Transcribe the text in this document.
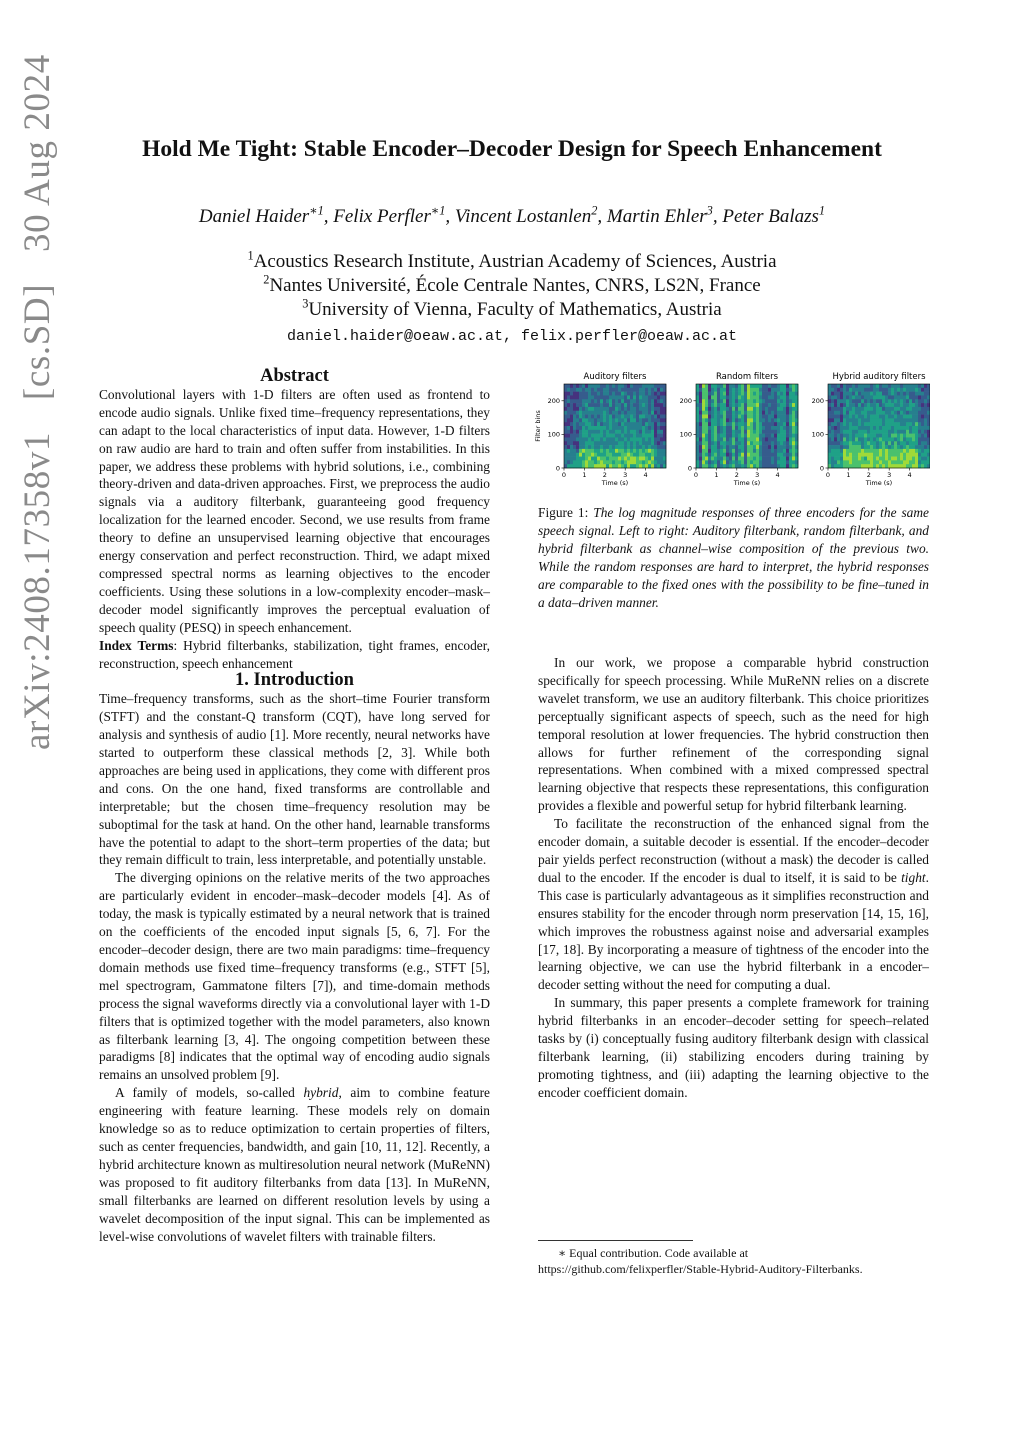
arXiv:2408.17358v1 [cs.SD] 30 Aug 2024	Hold Me Tight: Stable Encoder–Decoder Design for Speech Enhancement
Daniel Haider$^{∗1}$, Felix Perfler$^{∗1}$, Vincent Lostanlen$^2$, Martin Ehler$^3$, Peter Balazs$^1$
$^1$Acoustics Research Institute, Austrian Academy of Sciences, Austria
$^2$Nantes Université, École Centrale Nantes, CNRS, LS2N, France
$^3$University of Vienna, Faculty of Mathematics, Austria
daniel.haider@oeaw.ac.at, felix.perfler@oeaw.ac.at
Abstract

Convolutional layers with 1-D filters are often used as frontend to encode audio signals. Unlike fixed time–frequency representations, they can adapt to the local characteristics of input data. However, 1-D filters on raw audio are hard to train and often suffer from instabilities. In this paper, we address these problems with hybrid solutions, i.e., combining theory-driven and data-driven approaches. First, we preprocess the audio signals via a auditory filterbank, guaranteeing good frequency localization for the learned encoder. Second, we use results from frame theory to define an unsupervised learning objective that encourages energy conservation and perfect reconstruction. Third, we adapt mixed compressed spectral norms as learning objectives to the encoder coefficients. Using these solutions in a low-complexity encoder–mask–decoder model significantly improves the perceptual evaluation of speech quality (PESQ) in speech enhancement.

Index Terms: Hybrid filterbanks, stabilization, tight frames, encoder, reconstruction, speech enhancement

1. Introduction

Time–frequency transforms, such as the short–time Fourier transform (STFT) and the constant-Q transform (CQT), have long served for analysis and synthesis of audio [1]. More recently, neural networks have started to outperform these classical methods [2, 3]. While both approaches are being used in applications, they come with different pros and cons. On the one hand, fixed transforms are controllable and interpretable; but the chosen time–frequency resolution may be suboptimal for the task at hand. On the other hand, learnable transforms have the potential to adapt to the short–term properties of the data; but they remain difficult to train, less interpretable, and potentially unstable.

The diverging opinions on the relative merits of the two approaches are particularly evident in encoder–mask–decoder models [4]. As of today, the mask is typically estimated by a neural network that is trained on the coefficients of the encoded input signals [5, 6, 7]. For the encoder–decoder design, there are two main paradigms: time–frequency domain methods use fixed time–frequency transforms (e.g., STFT [5], mel spectrogram, Gammatone filters [7]), and time-domain methods process the signal waveforms directly via a convolutional layer with 1-D filters that is optimized together with the model parameters, also known as filterbank learning [3, 4]. The ongoing competition between these paradigms [8] indicates that the optimal way of encoding audio signals remains an unsolved problem [9].

A family of models, so-called hybrid, aim to combine feature engineering with feature learning. These models rely on domain knowledge so as to reduce optimization to certain properties of filters, such as center frequencies, bandwidth, and gain [10, 11, 12]. Recently, a hybrid architecture known as multiresolution neural network (MuReNN) was proposed to fit auditory filterbanks from data [13]. In MuReNN, small filterbanks are learned on different resolution levels by using a wavelet decomposition of the input signal. This can be implemented as level-wise convolutions of wavelet filters with trainable filters.

Auditory filters
0	1	2	3	4
Time (s)
0
100
200
Filter bins
Random filters
0	1	2	3	4
Time (s)
0
100
200
Hybrid auditory filters
0	1	2	3	4
Time (s)
0
100
200
Figure 1: The log magnitude responses of three encoders for the same speech signal. Left to right: Auditory filterbank, random filterbank, and hybrid filterbank as channel–wise composition of the previous two. While the random responses are hard to interpret, the hybrid responses are comparable to the fixed ones with the possibility to be fine–tuned in a data–driven manner.

In our work, we propose a comparable hybrid construction specifically for speech processing. While MuReNN relies on a discrete wavelet transform, we use an auditory filterbank. This choice prioritizes perceptually significant aspects of speech, such as the need for high temporal resolution at lower frequencies. The hybrid construction then allows for further refinement of the corresponding signal representations. When combined with a mixed compressed spectral learning objective that respects these representations, this configuration provides a flexible and powerful setup for hybrid filterbank learning.

To facilitate the reconstruction of the enhanced signal from the encoder domain, a suitable decoder is essential. If the encoder–decoder pair yields perfect reconstruction (without a mask) the decoder is called dual to the encoder. If the encoder is dual to itself, it is said to be tight. This case is particularly advantageous as it simplifies reconstruction and ensures stability for the encoder through norm preservation [14, 15, 16], which improves the robustness against noise and adversarial examples [17, 18]. By incorporating a measure of tightness of the encoder into the learning objective, we can use the hybrid filterbank in a encoder–decoder setting without the need for computing a dual.

In summary, this paper presents a complete framework for training hybrid filterbanks in an encoder–decoder setting for speech–related tasks by (i) conceptually fusing auditory filterbank design with classical filterbank learning, (ii) stabilizing encoders during training by promoting tightness, and (iii) adapting the learning objective to the encoder coefficient domain.

∗ Equal contribution. Code available at
https://github.com/felixperfler/Stable-Hybrid-Auditory-Filterbanks.
